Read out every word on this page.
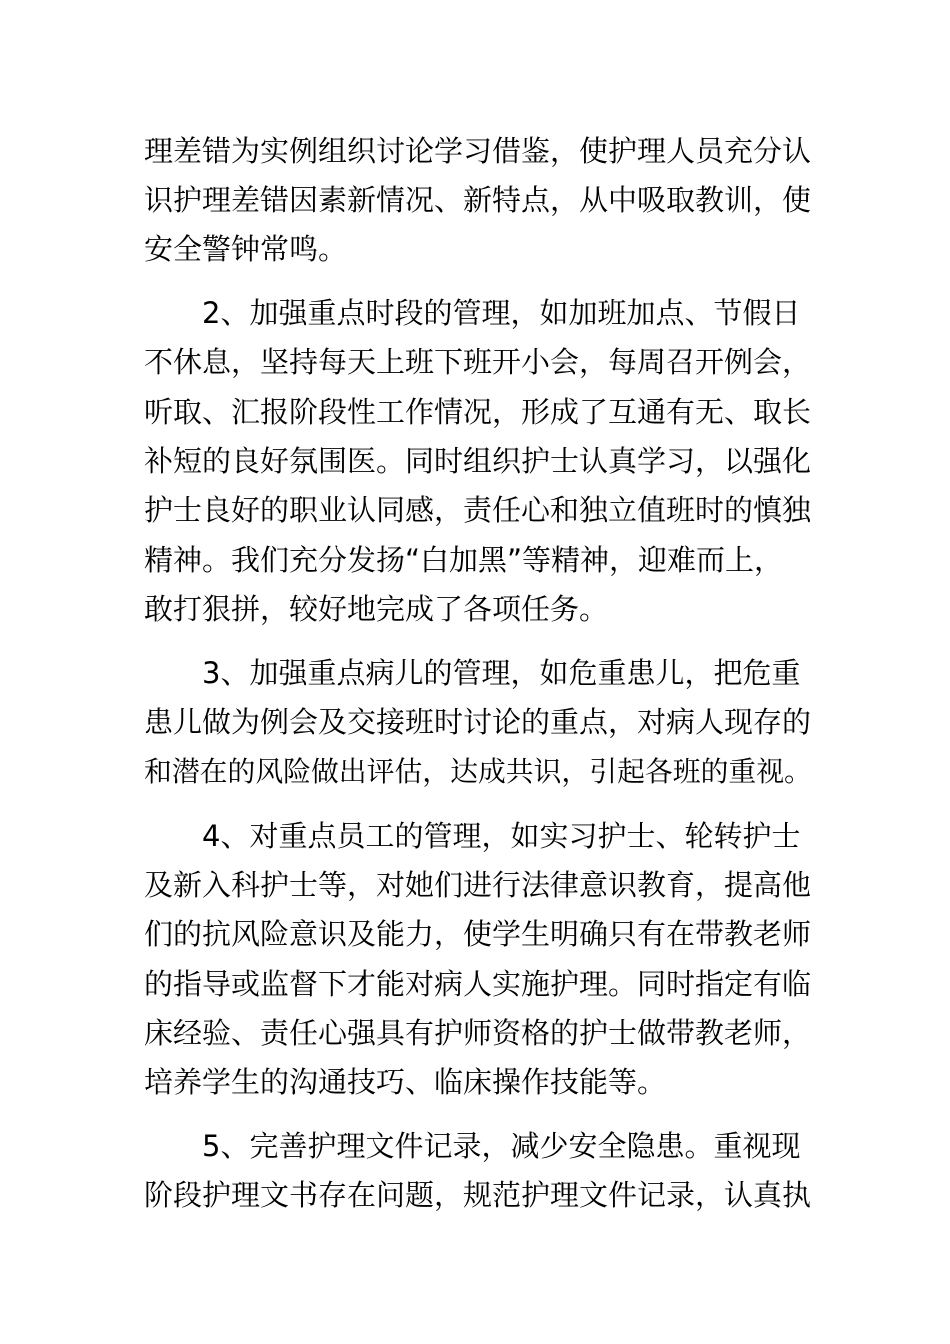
理差错为实例组织讨论学习借鉴，使护理人员充分认
识护理差错因素新情况、新特点，从中吸取教训，使
安全警钟常鸣。
2、加强重点时段的管理，如加班加点、节假日
不休息，坚持每天上班下班开小会，每周召开例会，
听取、汇报阶段性工作情况，形成了互通有无、取长
补短的良好氛围医。同时组织护士认真学习，以强化
护士良好的职业认同感，责任心和独立值班时的慎独
精神。我们充分发扬“白加黑”等精神，迎难而上，
敢打狠拼，较好地完成了各项任务。
3、加强重点病儿的管理，如危重患儿，把危重
患儿做为例会及交接班时讨论的重点，对病人现存的
和潜在的风险做出评估，达成共识，引起各班的重视。
4、对重点员工的管理，如实习护士、轮转护士
及新入科护士等，对她们进行法律意识教育，提高他
们的抗风险意识及能力，使学生明确只有在带教老师
的指导或监督下才能对病人实施护理。同时指定有临
床经验、责任心强具有护师资格的护士做带教老师，
培养学生的沟通技巧、临床操作技能等。
5、完善护理文件记录，减少安全隐患。重视现
阶段护理文书存在问题，规范护理文件记录，认真执
